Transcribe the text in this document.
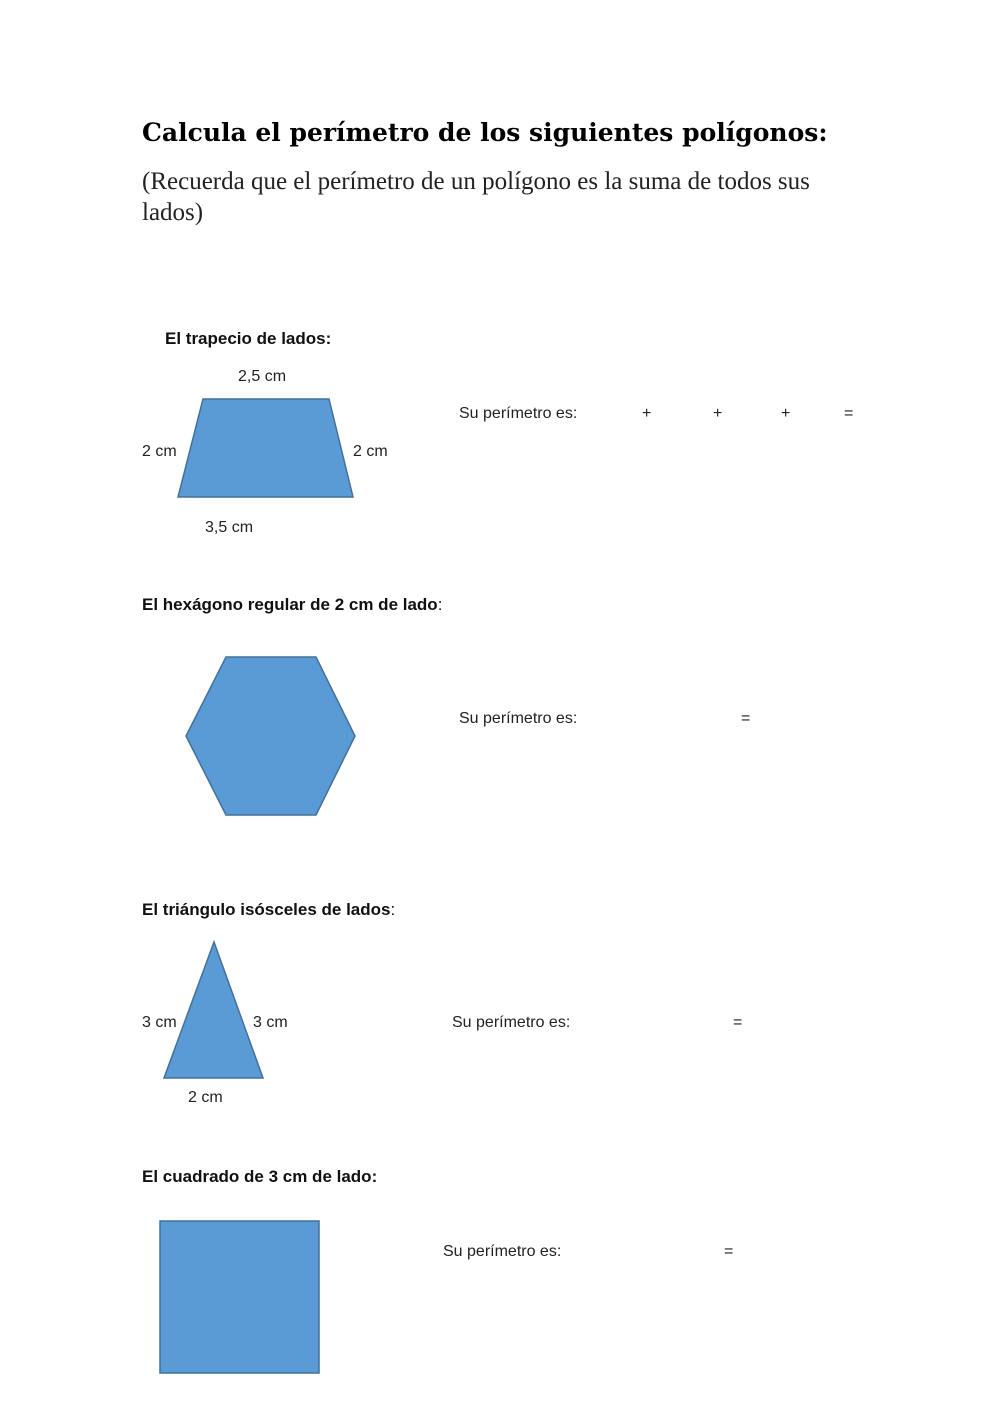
Calcula el perímetro de los siguientes polígonos:
(Recuerda que el perímetro de un polígono es la suma de todos sus lados)
El trapecio de lados:
2,5 cm
2 cm	2 cm
3,5 cm
Su perímetro es:	+	+	+	=
El hexágono regular de 2 cm de lado:
Su perímetro es:	=
El triángulo isósceles de lados:
3 cm	3 cm
2 cm
Su perímetro es:	=
El cuadrado de 3 cm de lado:
Su perímetro es:	=
